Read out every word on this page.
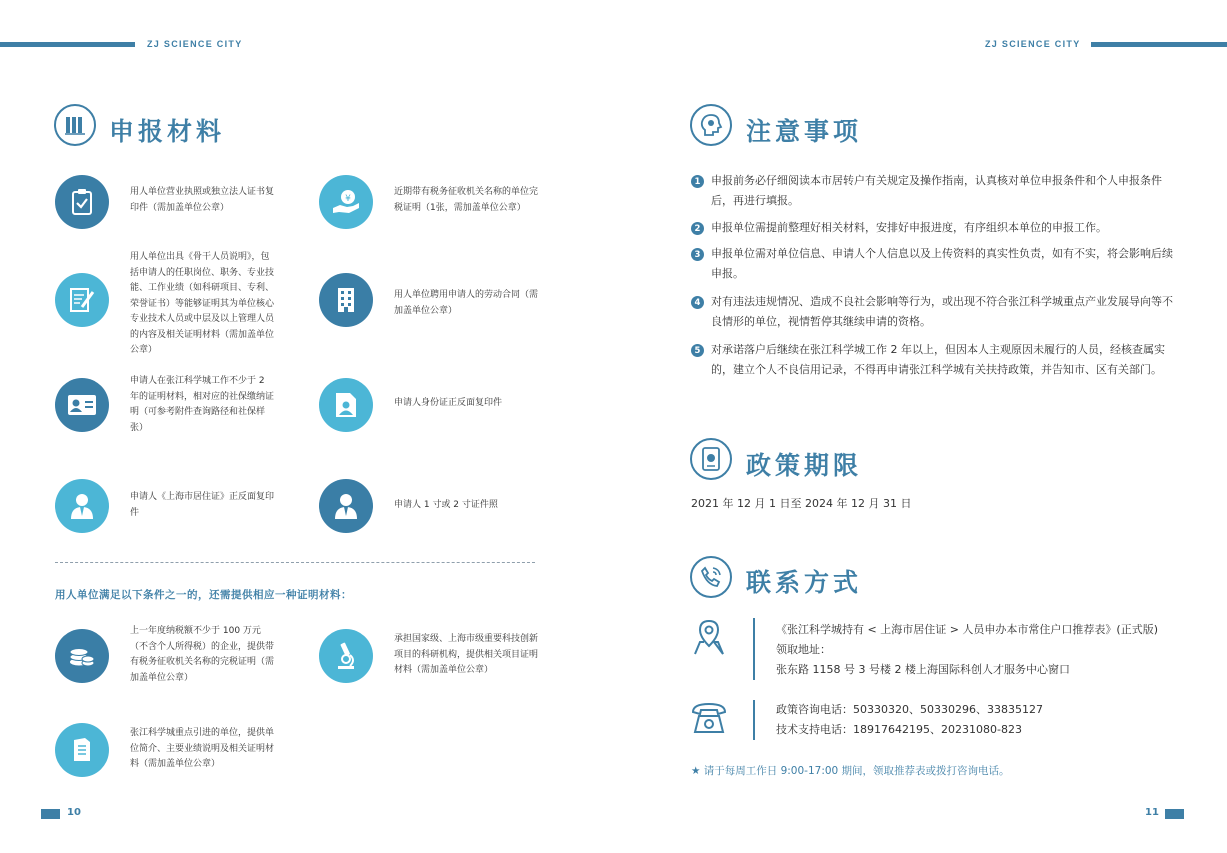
ZJ SCIENCE CITY	ZJ SCIENCE CITY
申报材料
用人单位营业执照或独立法人证书复印件（需加盖单位公章）
¥
近期带有税务征收机关名称的单位完税证明（1张，需加盖单位公章）
用人单位出具《骨干人员说明》，包括申请人的任职岗位、职务、专业技能、工作业绩（如科研项目、专利、荣誉证书）等能够证明其为单位核心专业技术人员或中层及以上管理人员的内容及相关证明材料（需加盖单位公章）
用人单位聘用申请人的劳动合同（需加盖单位公章）
申请人在张江科学城工作不少于 2 年的证明材料，相对应的社保缴纳证明（可参考附件查询路径和社保样张）
申请人身份证正反面复印件
申请人《上海市居住证》正反面复印件
申请人 1 寸或 2 寸证件照
用人单位满足以下条件之一的，还需提供相应一种证明材料：
上一年度纳税额不少于 100 万元（不含个人所得税）的企业，提供带有税务征收机关名称的完税证明（需加盖单位公章）
承担国家级、上海市级重要科技创新项目的科研机构，提供相关项目证明材料（需加盖单位公章）
张江科学城重点引进的单位，提供单位简介、主要业绩说明及相关证明材料（需加盖单位公章）
10
注意事项
1 申报前务必仔细阅读本市居转户有关规定及操作指南，认真核对单位申报条件和个人申报条件后，再进行填报。
2 申报单位需提前整理好相关材料，安排好申报进度，有序组织本单位的申报工作。
3 申报单位需对单位信息、申请人个人信息以及上传资料的真实性负责，如有不实，将会影响后续申报。
4 对有违法违规情况、造成不良社会影响等行为，或出现不符合张江科学城重点产业发展导向等不良情形的单位，视情暂停其继续申请的资格。
5 对承诺落户后继续在张江科学城工作 2 年以上，但因本人主观原因未履行的人员，经核查属实的，建立个人不良信用记录，不得再申请张江科学城有关扶持政策，并告知市、区有关部门。
政策期限
2021 年 12 月 1 日至 2024 年 12 月 31 日
联系方式
《张江科学城持有 < 上海市居住证 > 人员申办本市常住户口推荐表》(正式版)
领取地址：
张东路 1158 号 3 号楼 2 楼上海国际科创人才服务中心窗口
政策咨询电话：50330320、50330296、33835127
技术支持电话：18917642195、20231080-823
★ 请于每周工作日 9:00-17:00 期间，领取推荐表或拨打咨询电话。
11
